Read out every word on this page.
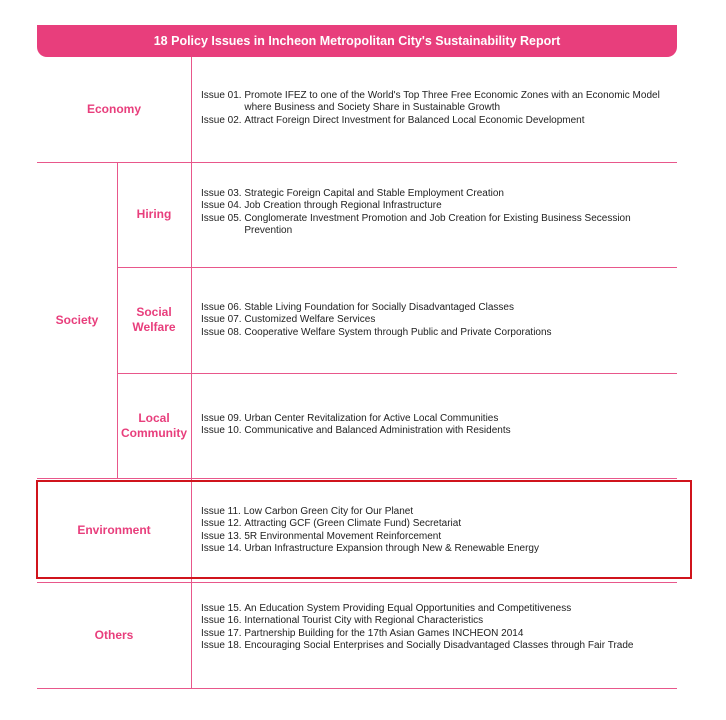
18 Policy Issues in Incheon Metropolitan City's Sustainability Report
Economy
Society
Hiring
Social
Welfare
Local
Community
Environment
Others
Issue 01. Promote IFEZ to one of the World's Top Three Free Economic Zones with an Economic Model where Business and Society Share in Sustainable Growth
Issue 02. Attract Foreign Direct Investment for Balanced Local Economic Development
Issue 03. Strategic Foreign Capital and Stable Employment Creation
Issue 04. Job Creation through Regional Infrastructure
Issue 05. Conglomerate Investment Promotion and Job Creation for Existing Business Secession Prevention
Issue 06. Stable Living Foundation for Socially Disadvantaged Classes
Issue 07. Customized Welfare Services
Issue 08. Cooperative Welfare System through Public and Private Corporations
Issue 09. Urban Center Revitalization for Active Local Communities
Issue 10. Communicative and Balanced Administration with Residents
Issue 11. Low Carbon Green City for Our Planet
Issue 12. Attracting GCF (Green Climate Fund) Secretariat
Issue 13. 5R Environmental Movement Reinforcement
Issue 14. Urban Infrastructure Expansion through New & Renewable Energy
Issue 15. An Education System Providing Equal Opportunities and Competitiveness
Issue 16. International Tourist City with Regional Characteristics
Issue 17. Partnership Building for the 17th Asian Games INCHEON 2014
Issue 18. Encouraging Social Enterprises and Socially Disadvantaged Classes through Fair Trade
